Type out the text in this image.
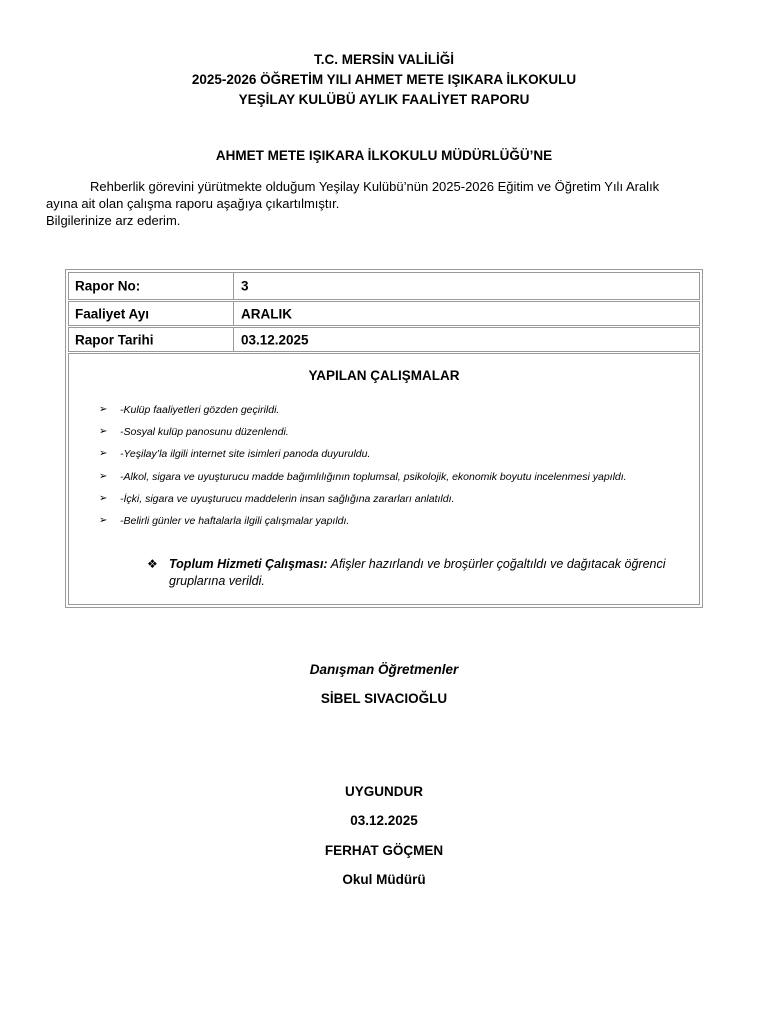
T.C. MERSİN VALİLİĞİ
2025-2026 ÖĞRETİM YILI AHMET METE IŞIKARA İLKOKULU
YEŞİLAY KULÜBÜ AYLIK FAALİYET RAPORU
AHMET METE IŞIKARA İLKOKULU MÜDÜRLÜĞÜ’NE
Rehberlik görevini yürütmekte olduğum Yeşilay Kulübü’nün 2025-2026 Eğitim ve Öğretim Yılı Aralık
ayına ait olan çalışma raporu aşağıya çıkartılmıştır.
Bilgilerinize arz ederim.
Rapor No:	3
Faaliyet Ayı	ARALIK
Rapor Tarihi	03.12.2025
YAPILAN ÇALIŞMALAR
➢ -Kulüp faaliyetleri gözden geçirildi.
➢ -Sosyal kulüp panosunu düzenlendi.
➢ -Yeşilay’la ilgili internet site isimleri panoda duyuruldu.
➢ -Alkol, sigara ve uyuşturucu madde bağımlılığının toplumsal, psikolojik, ekonomik boyutu incelenmesi yapıldı.
➢ -İçki, sigara ve uyuşturucu maddelerin insan sağlığına zararları anlatıldı.
➢ -Belirli günler ve haftalarla ilgili çalışmalar yapıldı.
❖ Toplum Hizmeti Çalışması: Afişler hazırlandı ve broşürler çoğaltıldı ve dağıtacak öğrenci gruplarına verildi.
Danışman Öğretmenler
SİBEL SIVACIOĞLU
UYGUNDUR
03.12.2025
FERHAT GÖÇMEN
Okul Müdürü
